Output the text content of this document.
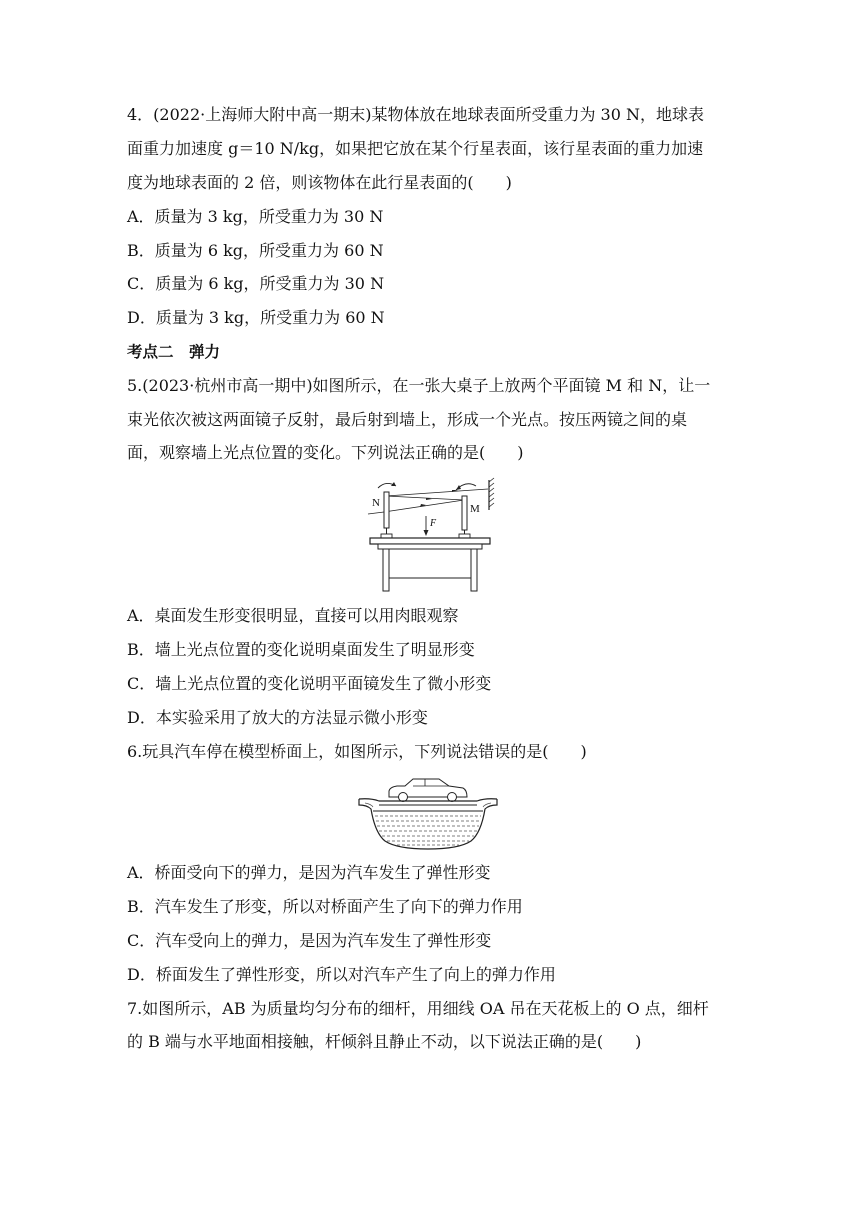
4．(2022·上海师大附中高一期末)某物体放在地球表面所受重力为 30 N，地球表
面重力加速度 g＝10 N/kg，如果把它放在某个行星表面，该行星表面的重力加速
度为地球表面的 2 倍，则该物体在此行星表面的(　　)
A．质量为 3 kg，所受重力为 30 N
B．质量为 6 kg，所受重力为 60 N
C．质量为 6 kg，所受重力为 30 N
D．质量为 3 kg，所受重力为 60 N
考点二　弹力
5.(2023·杭州市高一期中)如图所示，在一张大桌子上放两个平面镜 M 和 N，让一
束光依次被这两面镜子反射，最后射到墙上，形成一个光点。按压两镜之间的桌
面，观察墙上光点位置的变化。下列说法正确的是(　　)
N	M
F
A．桌面发生形变很明显，直接可以用肉眼观察
B．墙上光点位置的变化说明桌面发生了明显形变
C．墙上光点位置的变化说明平面镜发生了微小形变
D．本实验采用了放大的方法显示微小形变
6.玩具汽车停在模型桥面上，如图所示，下列说法错误的是(　　)
A．桥面受向下的弹力，是因为汽车发生了弹性形变
B．汽车发生了形变，所以对桥面产生了向下的弹力作用
C．汽车受向上的弹力，是因为汽车发生了弹性形变
D．桥面发生了弹性形变，所以对汽车产生了向上的弹力作用
7.如图所示，AB 为质量均匀分布的细杆，用细线 OA 吊在天花板上的 O 点，细杆
的 B 端与水平地面相接触，杆倾斜且静止不动，以下说法正确的是(　　)
